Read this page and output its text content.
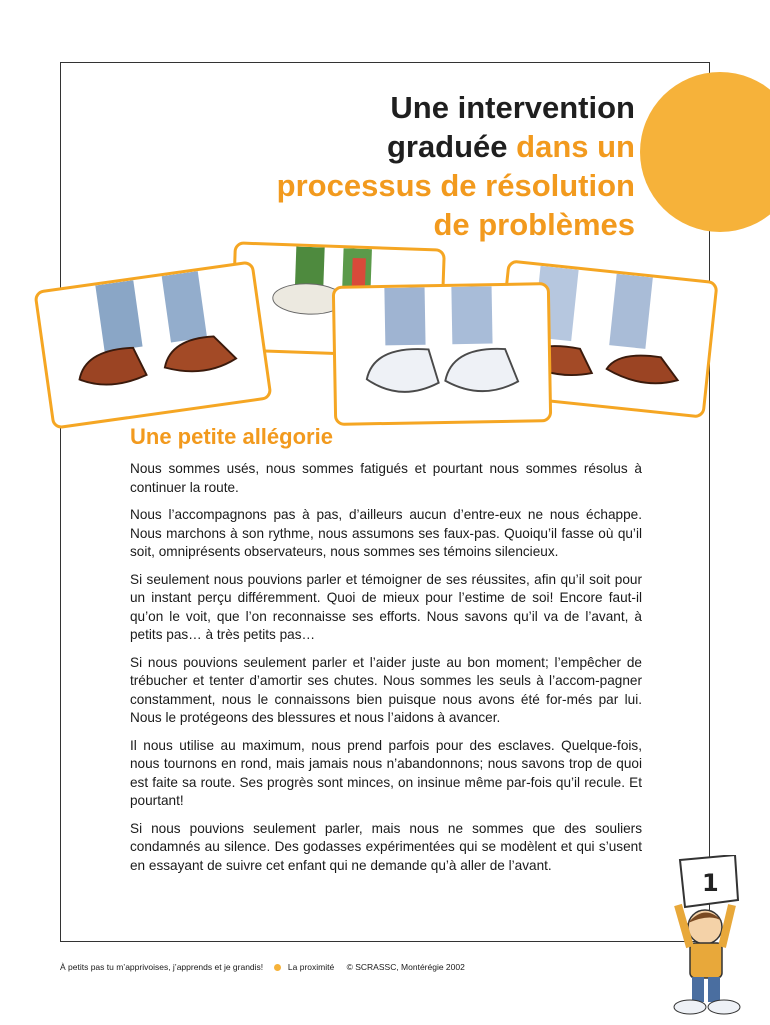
Une intervention
graduée dans un
processus de résolution
de problèmes
Une petite allégorie

Nous sommes usés, nous sommes fatigués et pourtant nous sommes résolus à continuer la route.

Nous l’accompagnons pas à pas, d’ailleurs aucun d’entre-eux ne nous échappe. Nous marchons à son rythme, nous assumons ses faux-pas. Quoiqu’il fasse où qu’il soit, omniprésents observateurs, nous sommes ses témoins silencieux.

Si seulement nous pouvions parler et témoigner de ses réussites, afin qu’il soit pour un instant perçu différemment. Quoi de mieux pour l’estime de soi! Encore faut-il qu’on le voit, que l’on reconnaisse ses efforts. Nous savons qu’il va de l’avant, à petits pas… à très petits pas…

Si nous pouvions seulement parler et l’aider juste au bon moment; l’empêcher de trébucher et tenter d’amortir ses chutes. Nous sommes les seuls à l’accom-pagner constamment, nous le connaissons bien puisque nous avons été for-més par lui. Nous le protégeons des blessures et nous l’aidons à avancer.

Il nous utilise au maximum, nous prend parfois pour des esclaves. Quelque-fois, nous tournons en rond, mais jamais nous n’abandonnons; nous savons trop de quoi est faite sa route. Ses progrès sont minces, on insinue même par-fois qu’il recule. Et pourtant!

Si nous pouvions seulement parler, mais nous ne sommes que des souliers condamnés au silence. Des godasses expérimentées qui se modèlent et qui s’usent en essayant de suivre cet enfant qui ne demande qu’à aller de l’avant.

À petits pas tu m’apprivoises, j’apprends et je grandis!	La proximité © SCRASSC, Montérégie 2002
1
